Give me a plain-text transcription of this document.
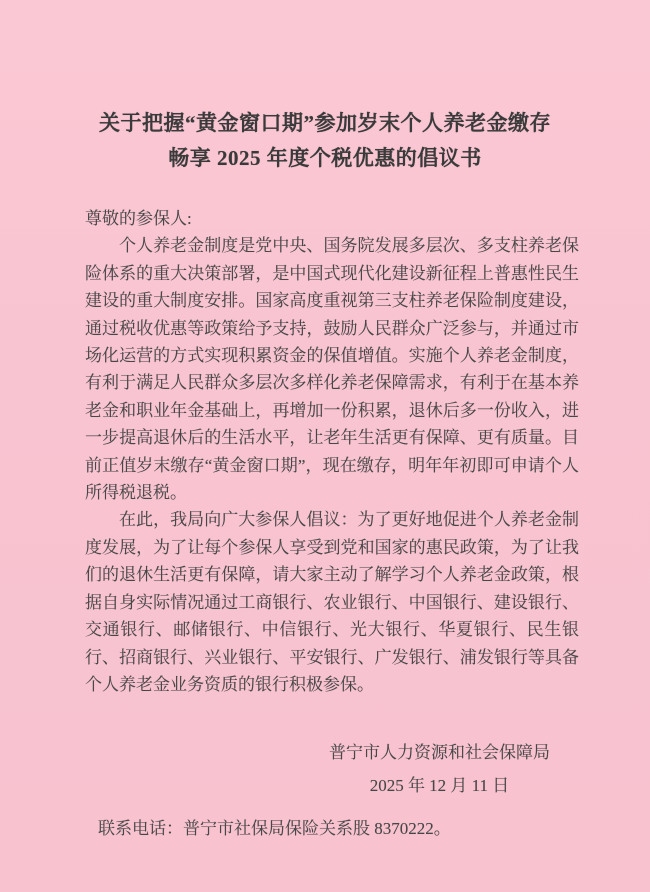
关于把握“黄金窗口期”参加岁末个人养老金缴存
畅享 2025 年度个税优惠的倡议书

尊敬的参保人:

个人养老金制度是党中央、国务院发展多层次、多支柱养老保险体系的重大决策部署，是中国式现代化建设新征程上普惠性民生建设的重大制度安排。国家高度重视第三支柱养老保险制度建设，通过税收优惠等政策给予支持，鼓励人民群众广泛参与，并通过市场化运营的方式实现积累资金的保值增值。实施个人养老金制度，有利于满足人民群众多层次多样化养老保障需求，有利于在基本养老金和职业年金基础上，再增加一份积累，退休后多一份收入，进一步提高退休后的生活水平，让老年生活更有保障、更有质量。目前正值岁末缴存“黄金窗口期”，现在缴存，明年年初即可申请个人所得税退税。

在此，我局向广大参保人倡议：为了更好地促进个人养老金制度发展，为了让每个参保人享受到党和国家的惠民政策，为了让我们的退休生活更有保障，请大家主动了解学习个人养老金政策，根据自身实际情况通过工商银行、农业银行、中国银行、建设银行、交通银行、邮储银行、中信银行、光大银行、华夏银行、民生银行、招商银行、兴业银行、平安银行、广发银行、浦发银行等具备个人养老金业务资质的银行积极参保。

普宁市人力资源和社会保障局
2025 年 12 月 11 日

联系电话：普宁市社保局保险关系股 8370222。
